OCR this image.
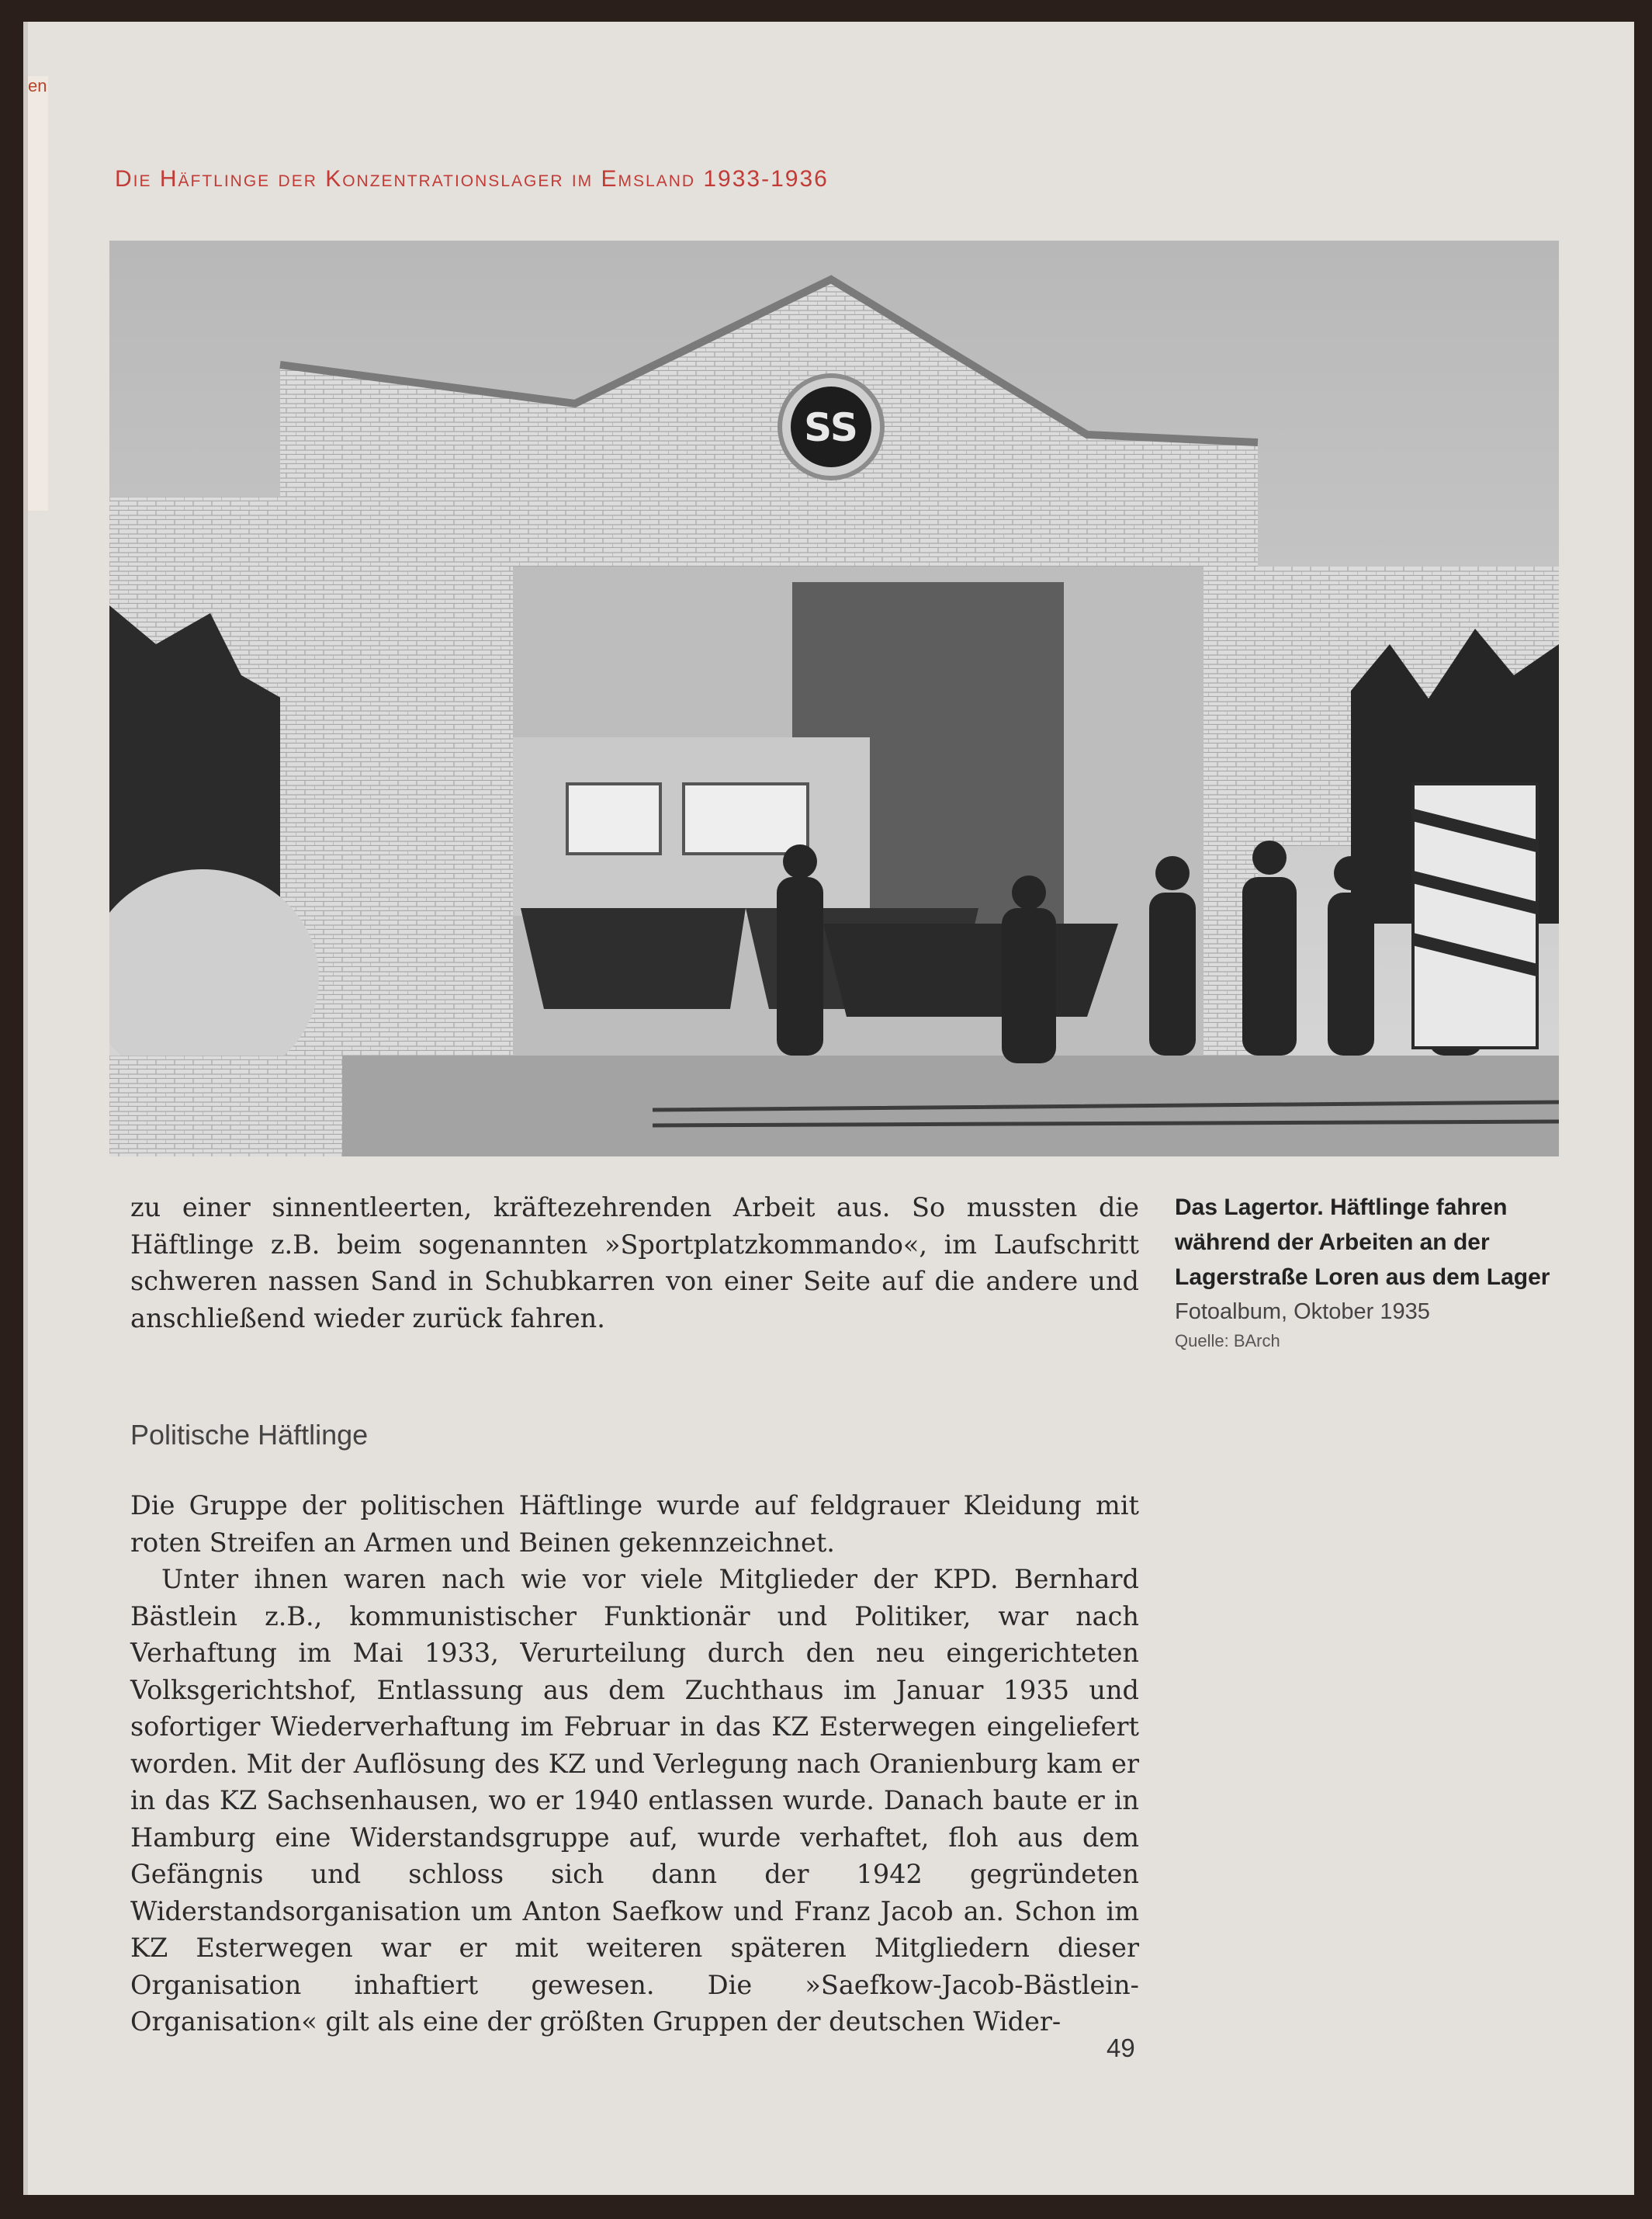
en
Die Häftlinge der Konzentrationslager im Emsland 1933-1936
SS
Das Lagertor. Häftlinge fahren
während der Arbeiten an der
Lagerstraße Loren aus dem Lager
Fotoalbum, Oktober 1935
Quelle: BArch

zu einer sinnentleerten, kräftezehrenden Arbeit aus. So mussten die Häftlinge z.B. beim sogenannten »Sportplatzkommando«, im Laufschritt schweren nassen Sand in Schubkarren von einer Seite auf die andere und anschließend wieder zurück fahren.

Politische Häftlinge

Die Gruppe der politischen Häftlinge wurde auf feldgrauer Kleidung mit roten Streifen an Armen und Beinen gekennzeichnet.

Unter ihnen waren nach wie vor viele Mitglieder der KPD. Bernhard Bästlein z.B., kommunistischer Funktionär und Politiker, war nach Verhaftung im Mai 1933, Verurteilung durch den neu eingerichteten Volksgerichtshof, Entlassung aus dem Zuchthaus im Januar 1935 und sofortiger Wiederverhaftung im Februar in das KZ Esterwegen eingeliefert worden. Mit der Auflösung des KZ und Verlegung nach Oranienburg kam er in das KZ Sachsenhausen, wo er 1940 entlassen wurde. Danach baute er in Hamburg eine Widerstandsgruppe auf, wurde verhaftet, floh aus dem Gefängnis und schloss sich dann der 1942 gegründeten Widerstandsorganisation um Anton Saefkow und Franz Jacob an. Schon im KZ Esterwegen war er mit weiteren späteren Mitgliedern dieser Organisation inhaftiert gewesen. Die »Saefkow-Jacob-Bästlein-Organisation« gilt als eine der größten Gruppen der deutschen Wider-

49
